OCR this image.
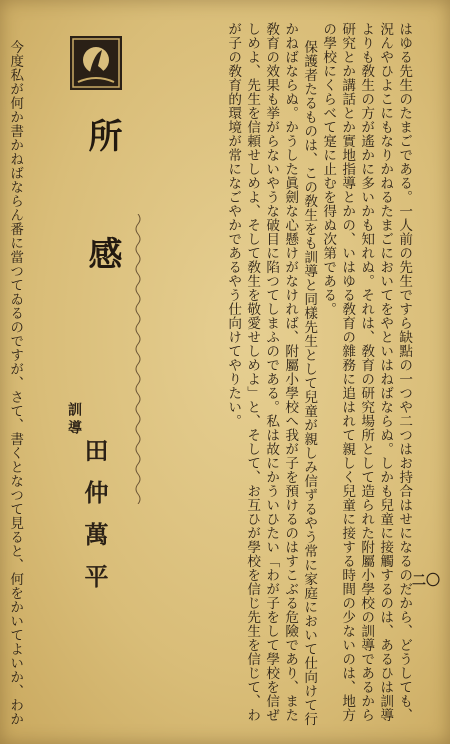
はゆる先生のたまごである。一人前の先生ですら缺點の一つや二つはお持合はせになるのだから、どうしても、
況んやひよこにもなりかねるたまごにおいてをやといはねばならぬ。しかも兒童に接觸するのは、あるひは訓導
よりも敎生の方が遙かに多いかも知れぬ。それは、敎育の研究場所として造られた附屬小學校の訓導であるから
研究とか講話とか實地指導とかの、いはゆる敎育の雜務に追はれて親しく兒童に接する時間の少ないのは、地方
の學校にくらべて寔に止むを得ぬ次第である。
保護者たるものは、この敎生をも訓導と同樣先生として兒童が親しみ信ずるやう常に家庭において仕向けて行
かねばならぬ。かうした眞劍な心懸けがなければ、附屬小學校へ我が子を預けるのはすこぶる危險であり、また
敎育の效果も挙がらないやうな破目に陷つてしまふのである。私は故にかういひたい「わが子をして學校を信ぜ
しめよ、先生を信頼せしめよ、そして敎生を敬愛せしめよ」と、そして、お互ひが學校を信じ先生を信じて、わ
が子の敎育的環境が常になごやかであるやう仕向けてやりたい。
二〇
所
感
訓導
田仲萬平
今度私が何か書かねばならん番に當つてゐるのですが、さて、書くとなつて見ると、何をかいてよいか、わか
